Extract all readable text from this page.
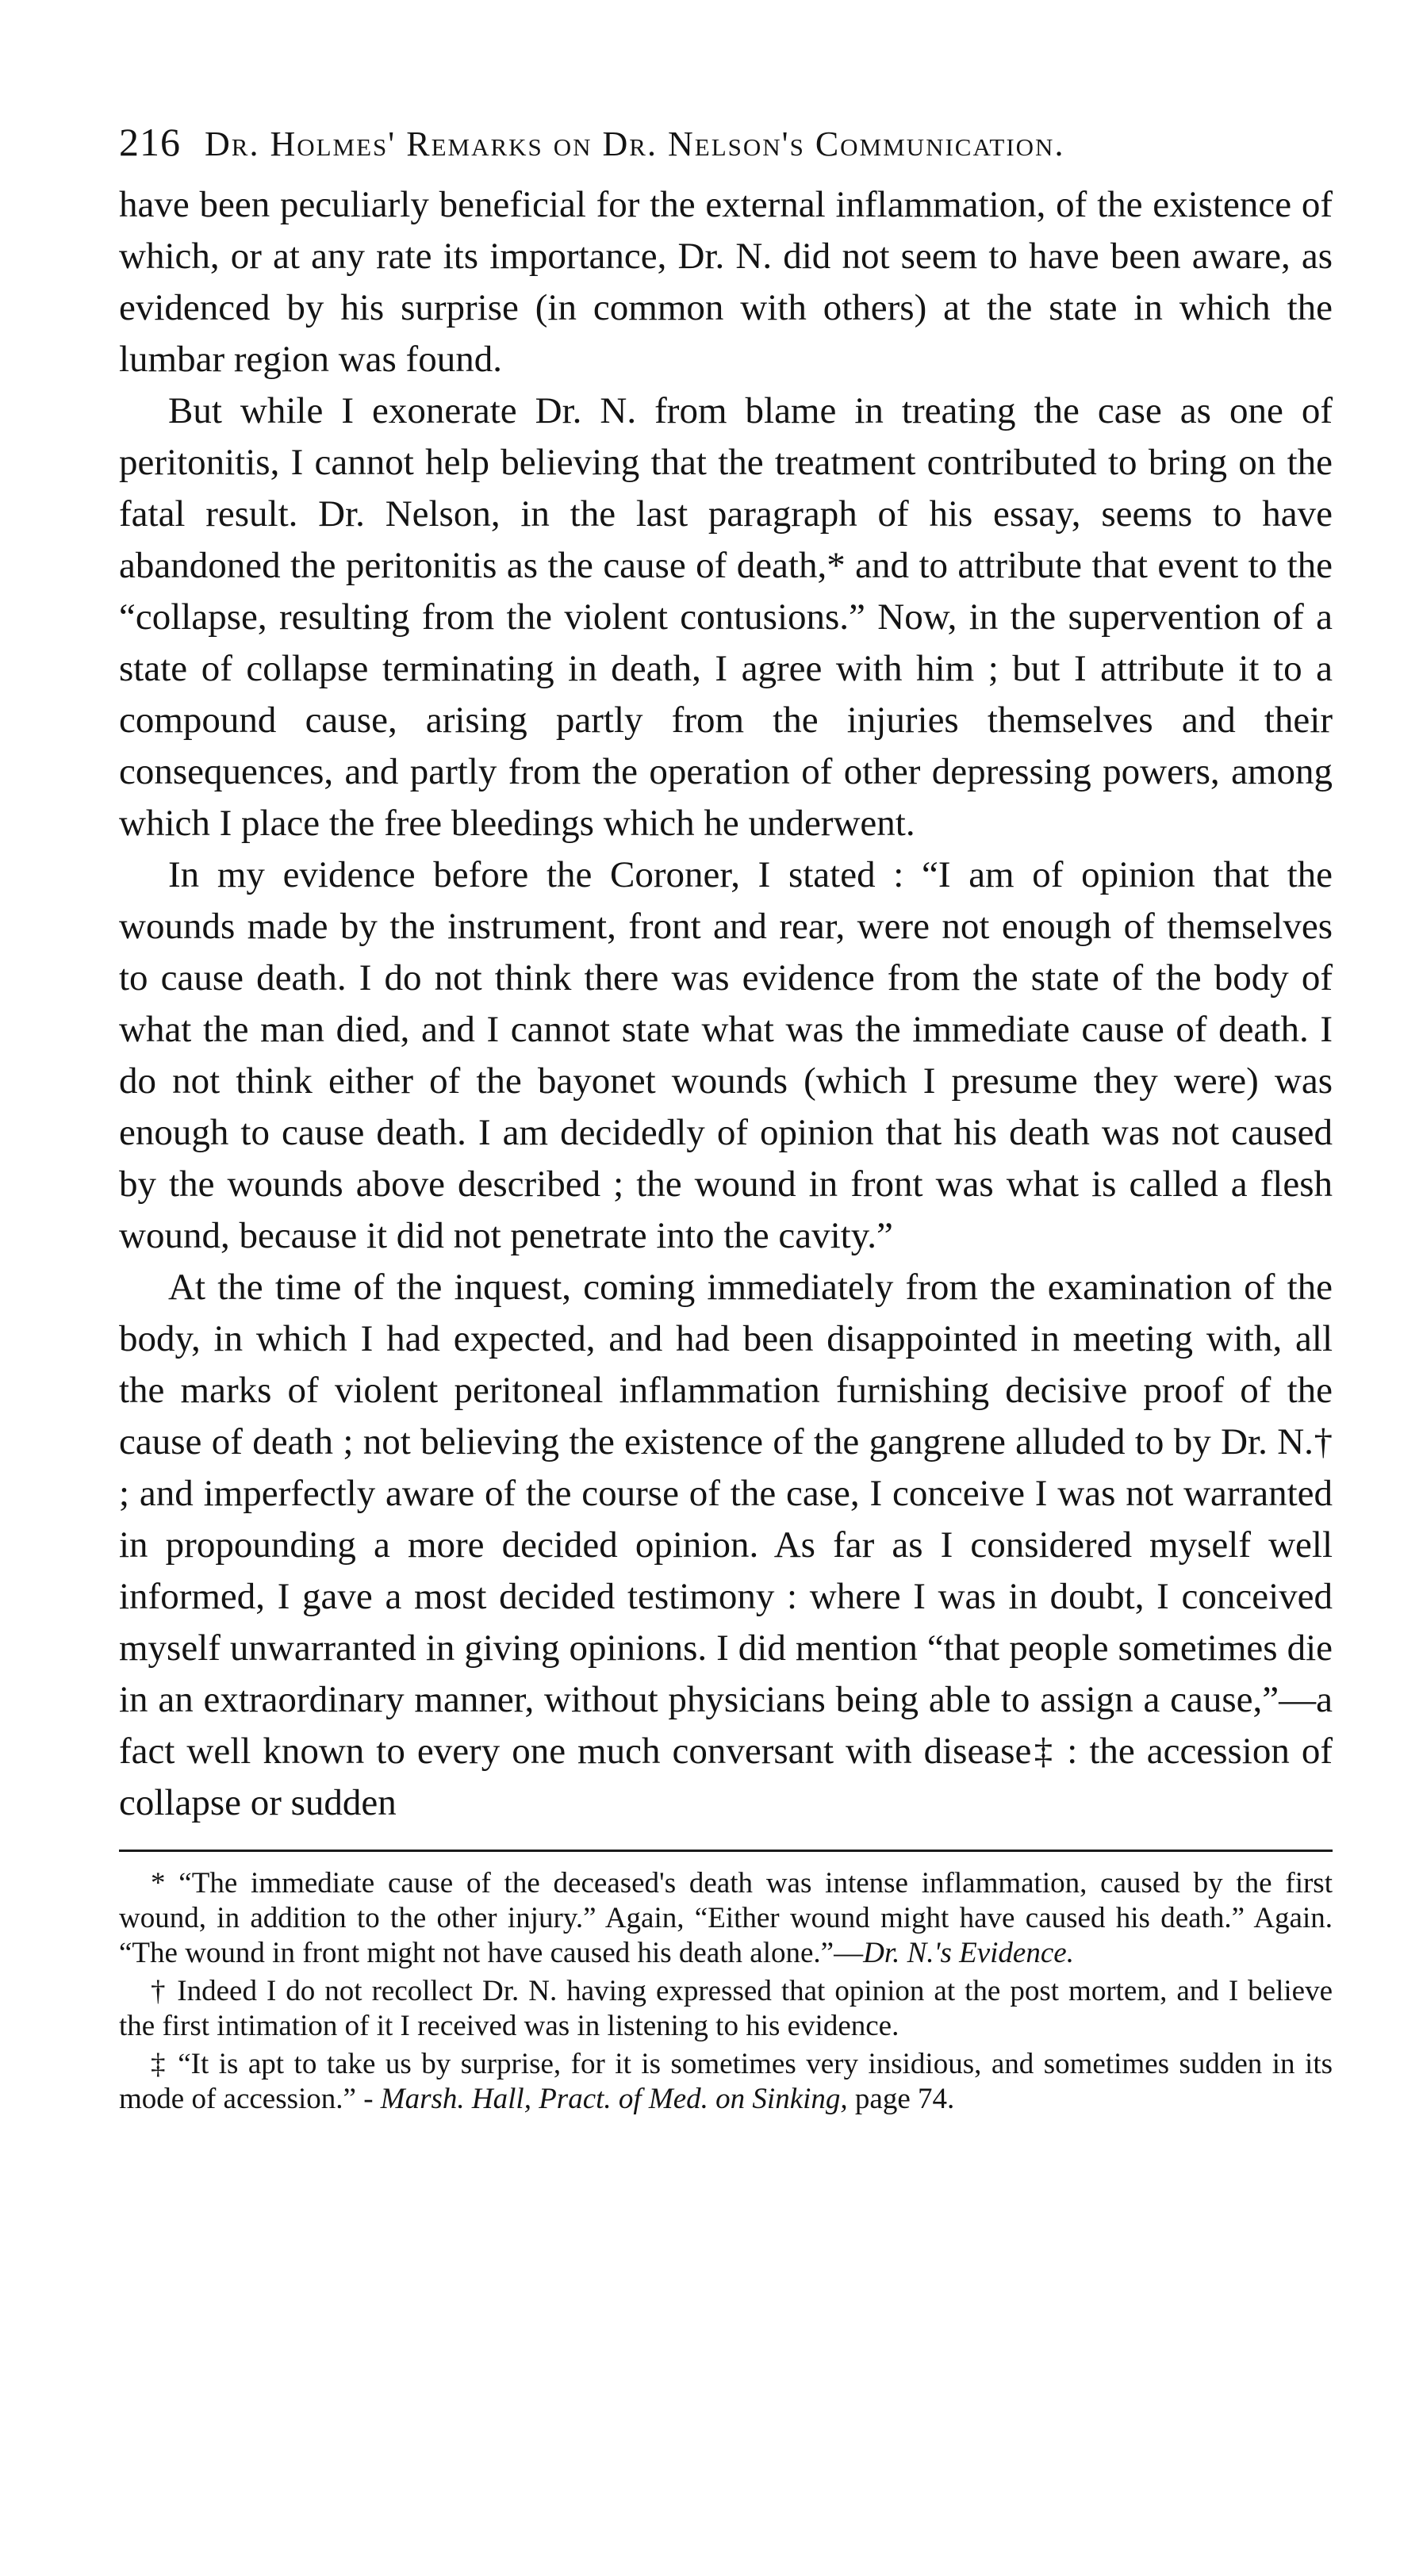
216 Dr. Holmes' Remarks on Dr. Nelson's Communication.

have been peculiarly beneficial for the external inflammation, of the existence of which, or at any rate its importance, Dr. N. did not seem to have been aware, as evidenced by his surprise (in common with others) at the state in which the lumbar region was found.

But while I exonerate Dr. N. from blame in treating the case as one of peritonitis, I cannot help believing that the treatment contributed to bring on the fatal result. Dr. Nelson, in the last paragraph of his essay, seems to have abandoned the peritonitis as the cause of death,* and to attribute that event to the “collapse, resulting from the violent contusions.” Now, in the supervention of a state of collapse terminating in death, I agree with him ; but I attribute it to a compound cause, arising partly from the injuries themselves and their consequences, and partly from the operation of other depressing powers, among which I place the free bleedings which he underwent.

In my evidence before the Coroner, I stated : “I am of opinion that the wounds made by the instrument, front and rear, were not enough of themselves to cause death. I do not think there was evidence from the state of the body of what the man died, and I cannot state what was the immediate cause of death. I do not think either of the bayonet wounds (which I presume they were) was enough to cause death. I am decidedly of opinion that his death was not caused by the wounds above described ; the wound in front was what is called a flesh wound, because it did not penetrate into the cavity.”

At the time of the inquest, coming immediately from the examination of the body, in which I had expected, and had been disappointed in meeting with, all the marks of violent peritoneal inflammation furnishing decisive proof of the cause of death ; not believing the existence of the gangrene alluded to by Dr. N.† ; and imperfectly aware of the course of the case, I conceive I was not warranted in propounding a more decided opinion. As far as I considered myself well informed, I gave a most decided testimony : where I was in doubt, I conceived myself unwarranted in giving opinions. I did mention “that people sometimes die in an extraordinary manner, without physicians being able to assign a cause,”—a fact well known to every one much conversant with disease‡ : the accession of collapse or sudden

* “The immediate cause of the deceased's death was intense inflammation, caused by the first wound, in addition to the other injury.” Again, “Either wound might have caused his death.” Again. “The wound in front might not have caused his death alone.”—Dr. N.'s Evidence.

† Indeed I do not recollect Dr. N. having expressed that opinion at the post mortem, and I believe the first intimation of it I received was in listening to his evidence.

‡ “It is apt to take us by surprise, for it is sometimes very insidious, and sometimes sudden in its mode of accession.” - Marsh. Hall, Pract. of Med. on Sinking, page 74.
